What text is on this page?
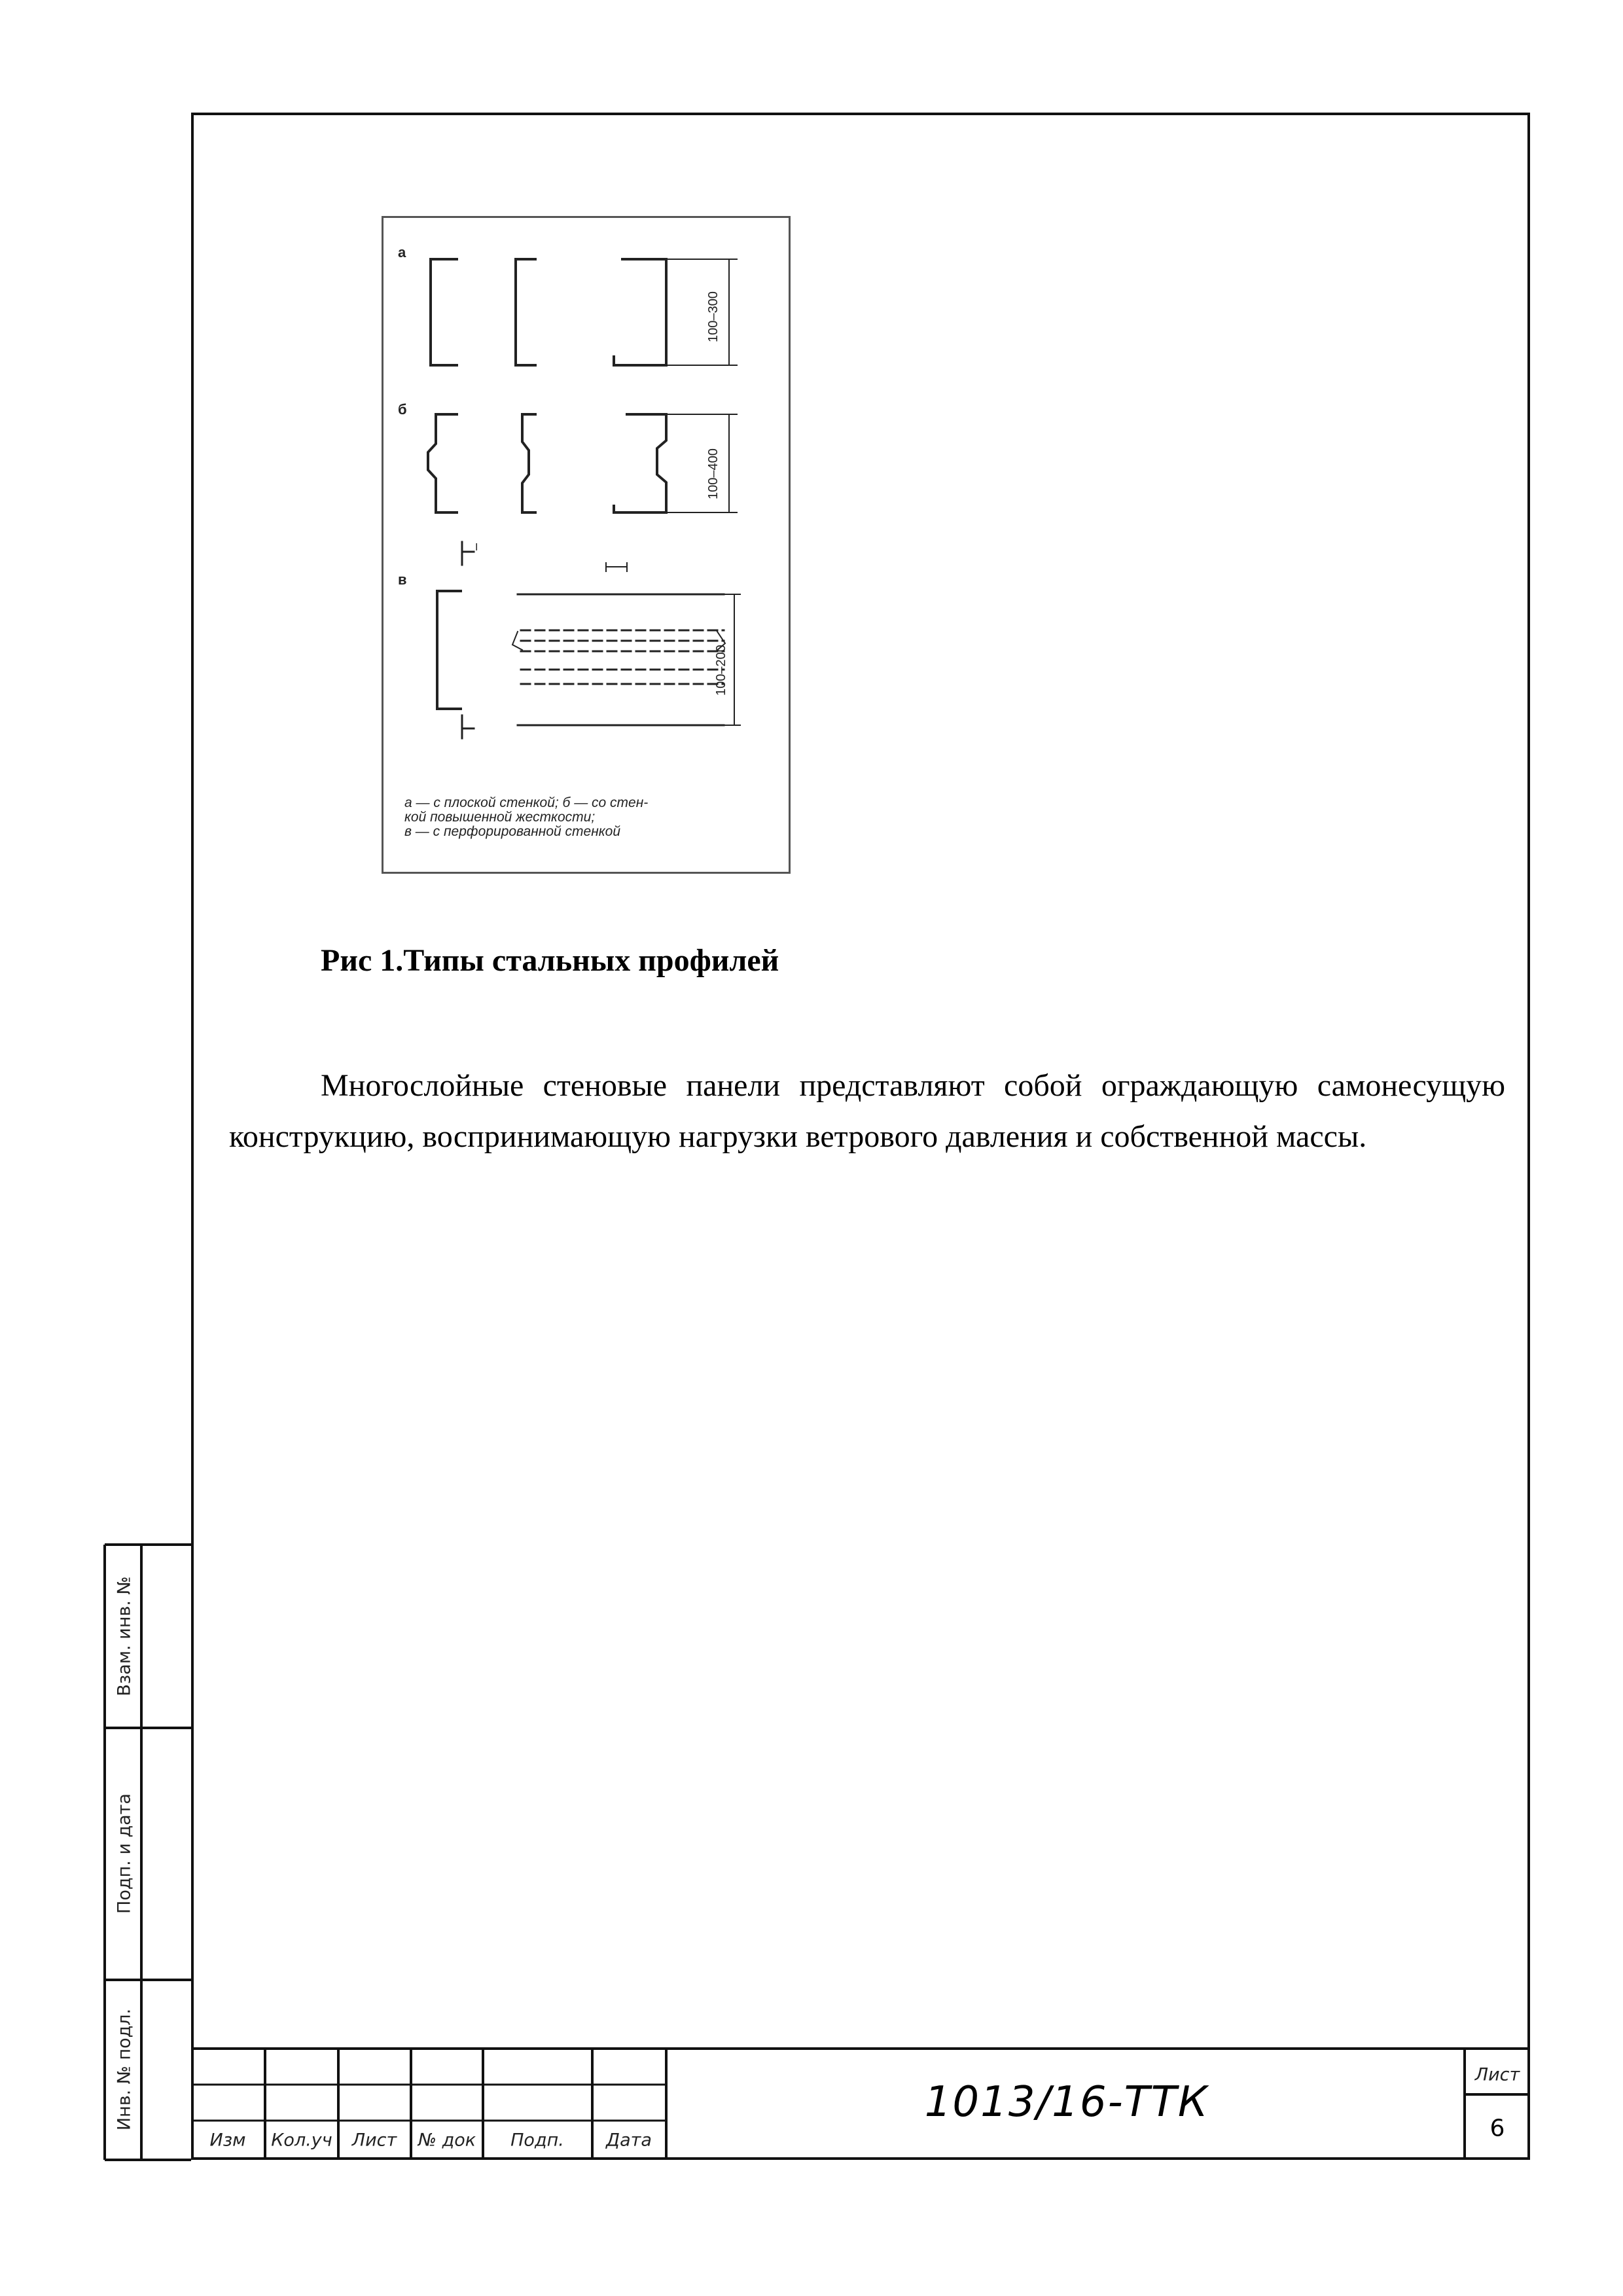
а
100–300
б
100–400
в
I
100–200
а — с плоской стенкой; б — со стен-
кой повышенной жесткости;
в — с перфорированной стенкой
Рис 1.Типы стальных профилей
Многослойные стеновые панели представляют собой ограждающую самонесущую конструкцию, воспринимающую нагрузки ветрового давления и собственной массы.
Взам. инв. №
Подп. и дата
Инв. № подл.
Изм Кол.уч Лист № док Подп. Дата
1013/16-ТТК
Лист
6
